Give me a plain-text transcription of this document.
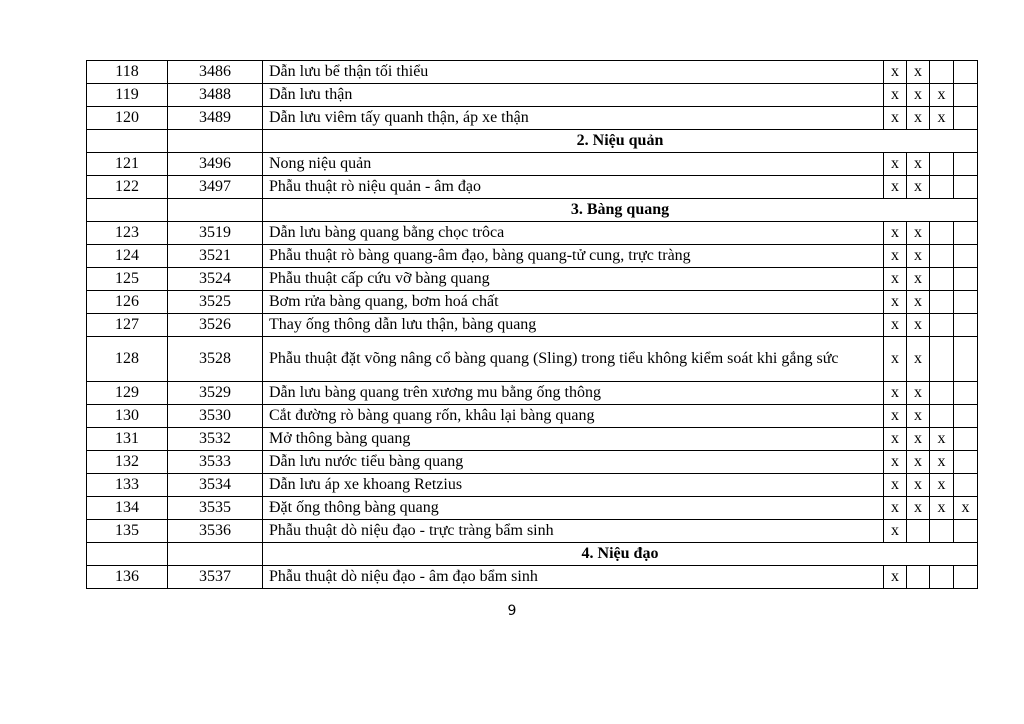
118	3486	Dẫn lưu bể thận tối thiểu	x	x		
119	3488	Dẫn lưu thận	x	x	x	
120	3489	Dẫn lưu viêm tấy quanh thận, áp xe thận	x	x	x	
		2. Niệu quản				
121	3496	Nong niệu quản	x	x		
122	3497	Phẫu thuật rò niệu quản - âm đạo	x	x		
		3. Bàng quang				
123	3519	Dẫn lưu bàng quang bằng chọc trôca	x	x		
124	3521	Phẫu thuật rò bàng quang-âm đạo, bàng quang-tử cung, trực tràng	x	x		
125	3524	Phẫu thuật cấp cứu vỡ bàng quang	x	x		
126	3525	Bơm rửa bàng quang, bơm hoá chất	x	x		
127	3526	Thay ống thông dẫn lưu thận, bàng quang	x	x		
128	3528	Phẫu thuật đặt võng nâng cổ bàng quang (Sling) trong tiểu không kiểm soát khi gắng sức	x	x		
129	3529	Dẫn lưu bàng quang trên xương mu bằng ống thông	x	x		
130	3530	Cắt đường rò bàng quang rốn, khâu lại bàng quang	x	x		
131	3532	Mở thông bàng quang	x	x	x	
132	3533	Dẫn lưu nước tiểu bàng quang	x	x	x	
133	3534	Dẫn lưu áp xe khoang Retzius	x	x	x	
134	3535	Đặt ống thông bàng quang	x	x	x	x
135	3536	Phẫu thuật dò niệu đạo - trực tràng bẩm sinh	x			
		4. Niệu đạo				
136	3537	Phẫu thuật dò niệu đạo - âm đạo bẩm sinh	x			
9
